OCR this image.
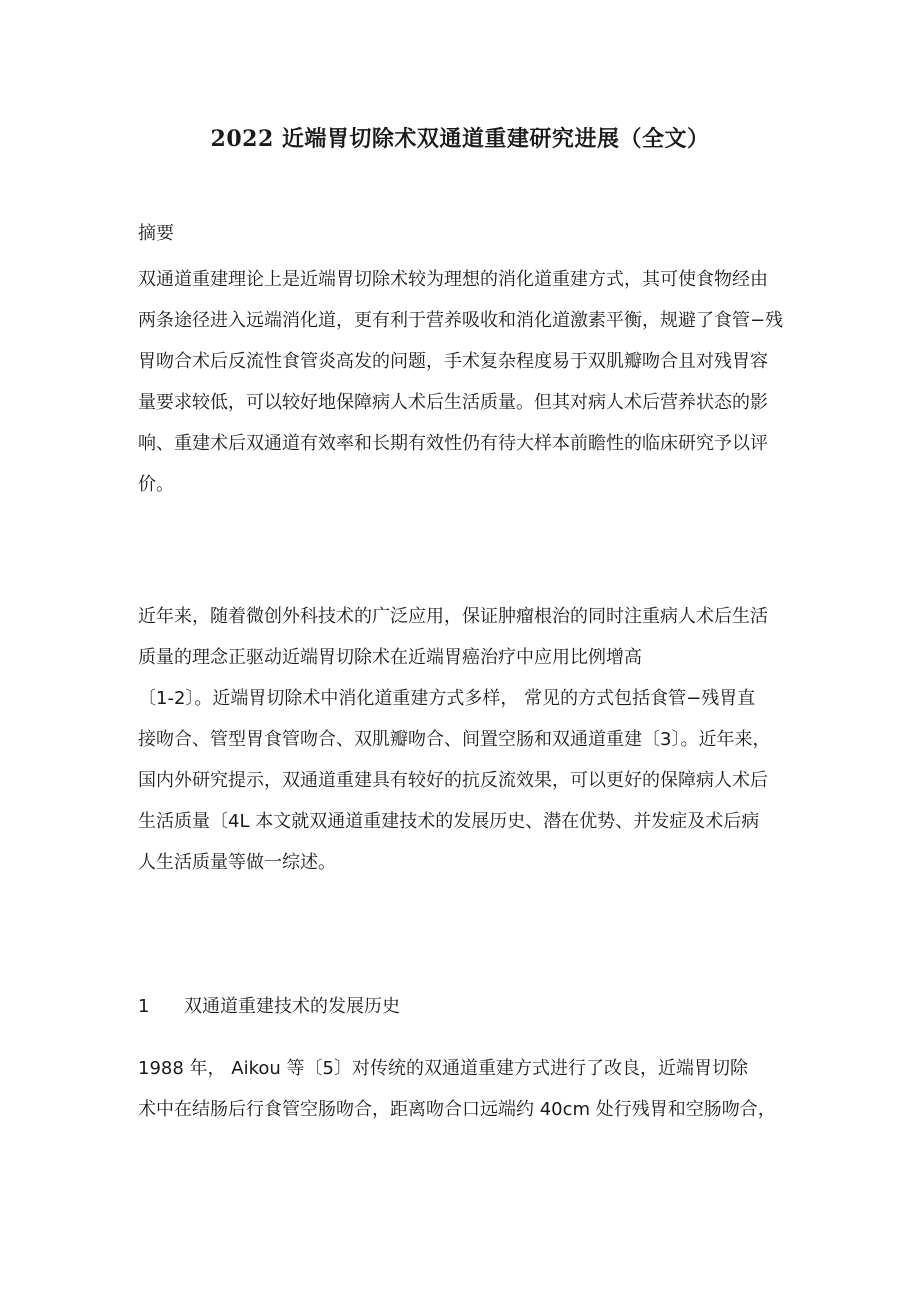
2022 近端胃切除术双通道重建研究进展（全文）

摘要

双通道重建理论上是近端胃切除术较为理想的消化道重建方式，其可使食物经由
两条途径进入远端消化道，更有利于营养吸收和消化道激素平衡，规避了食管−残
胃吻合术后反流性食管炎高发的问题，手术复杂程度易于双肌瓣吻合且对残胃容
量要求较低，可以较好地保障病人术后生活质量。但其对病人术后营养状态的影
响、重建术后双通道有效率和长期有效性仍有待大样本前瞻性的临床研究予以评
价。

近年来，随着微创外科技术的广泛应用，保证肿瘤根治的同时注重病人术后生活
质量的理念正驱动近端胃切除术在近端胃癌治疗中应用比例增高
〔1-2〕。近端胃切除术中消化道重建方式多样， 常见的方式包括食管−残胃直
接吻合、管型胃食管吻合、双肌瓣吻合、间置空肠和双通道重建〔3〕。近年来，
国内外研究提示，双通道重建具有较好的抗反流效果，可以更好的保障病人术后
生活质量〔4L 本文就双通道重建技术的发展历史、潜在优势、并发症及术后病
人生活质量等做一综述。

1 双通道重建技术的发展历史

1988 年， Aikou 等〔5〕对传统的双通道重建方式进行了改良，近端胃切除
术中在结肠后行食管空肠吻合，距离吻合口远端约 40cm 处行残胃和空肠吻合，
